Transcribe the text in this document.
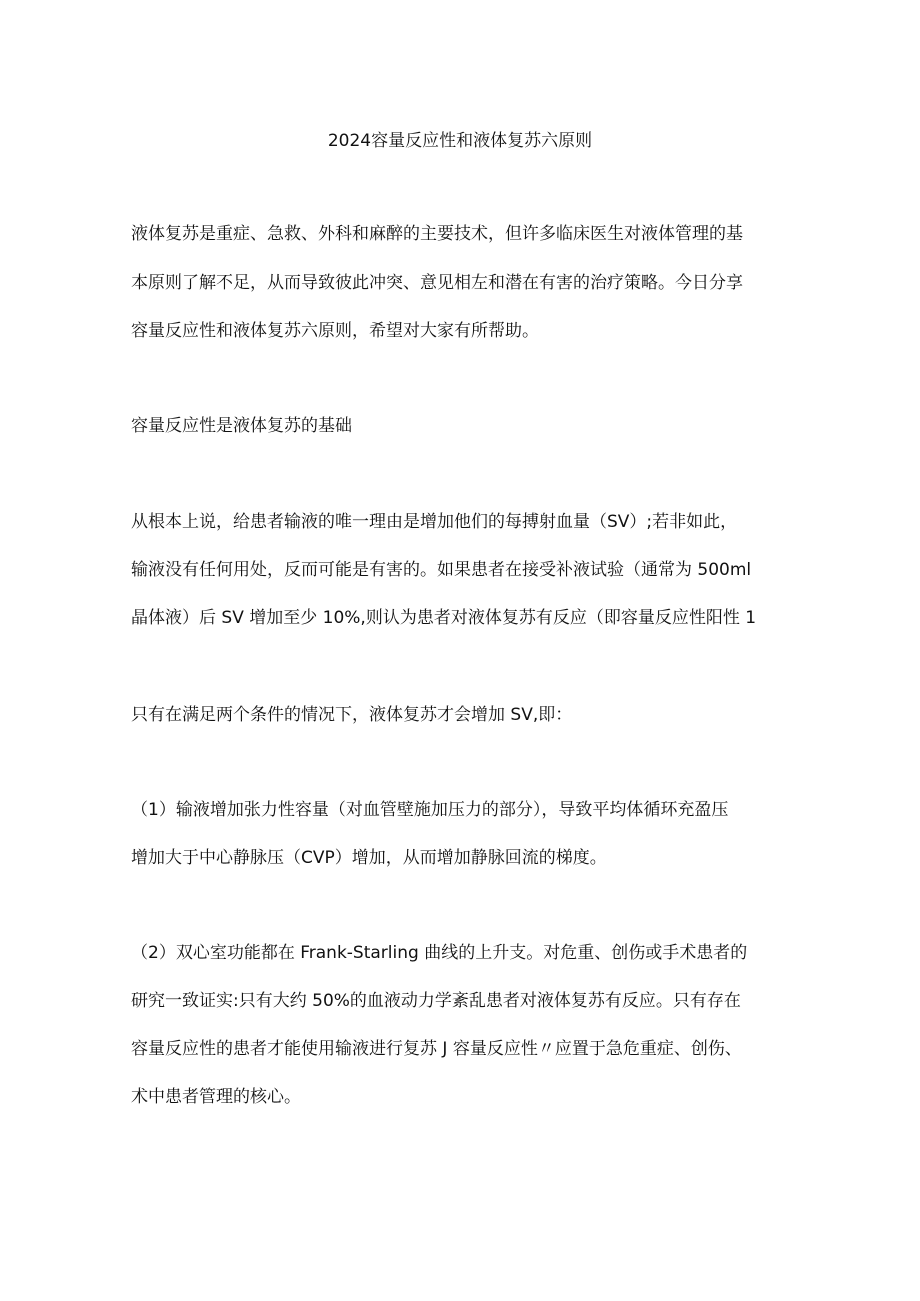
2024容量反应性和液体复苏六原则
液体复苏是重症、急救、外科和麻醉的主要技术，但许多临床医生对液体管理的基
本原则了解不足，从而导致彼此冲突、意见相左和潜在有害的治疗策略。今日分享
容量反应性和液体复苏六原则，希望对大家有所帮助。
容量反应性是液体复苏的基础
从根本上说，给患者输液的唯一理由是增加他们的每搏射血量（SV）;若非如此，
输液没有任何用处，反而可能是有害的。如果患者在接受补液试验（通常为 500ml
晶体液）后 SV 增加至少 10%,则认为患者对液体复苏有反应（即容量反应性阳性 1
只有在满足两个条件的情况下，液体复苏才会增加 SV,即：
（1）输液增加张力性容量（对血管壁施加压力的部分），导致平均体循环充盈压
增加大于中心静脉压（CVP）增加，从而增加静脉回流的梯度。
（2）双心室功能都在 Frank-Starling 曲线的上升支。对危重、创伤或手术患者的
研究一致证实:只有大约 50%的血液动力学紊乱患者对液体复苏有反应。只有存在
容量反应性的患者才能使用输液进行复苏 J 容量反应性〃应置于急危重症、创伤、
术中患者管理的核心。
